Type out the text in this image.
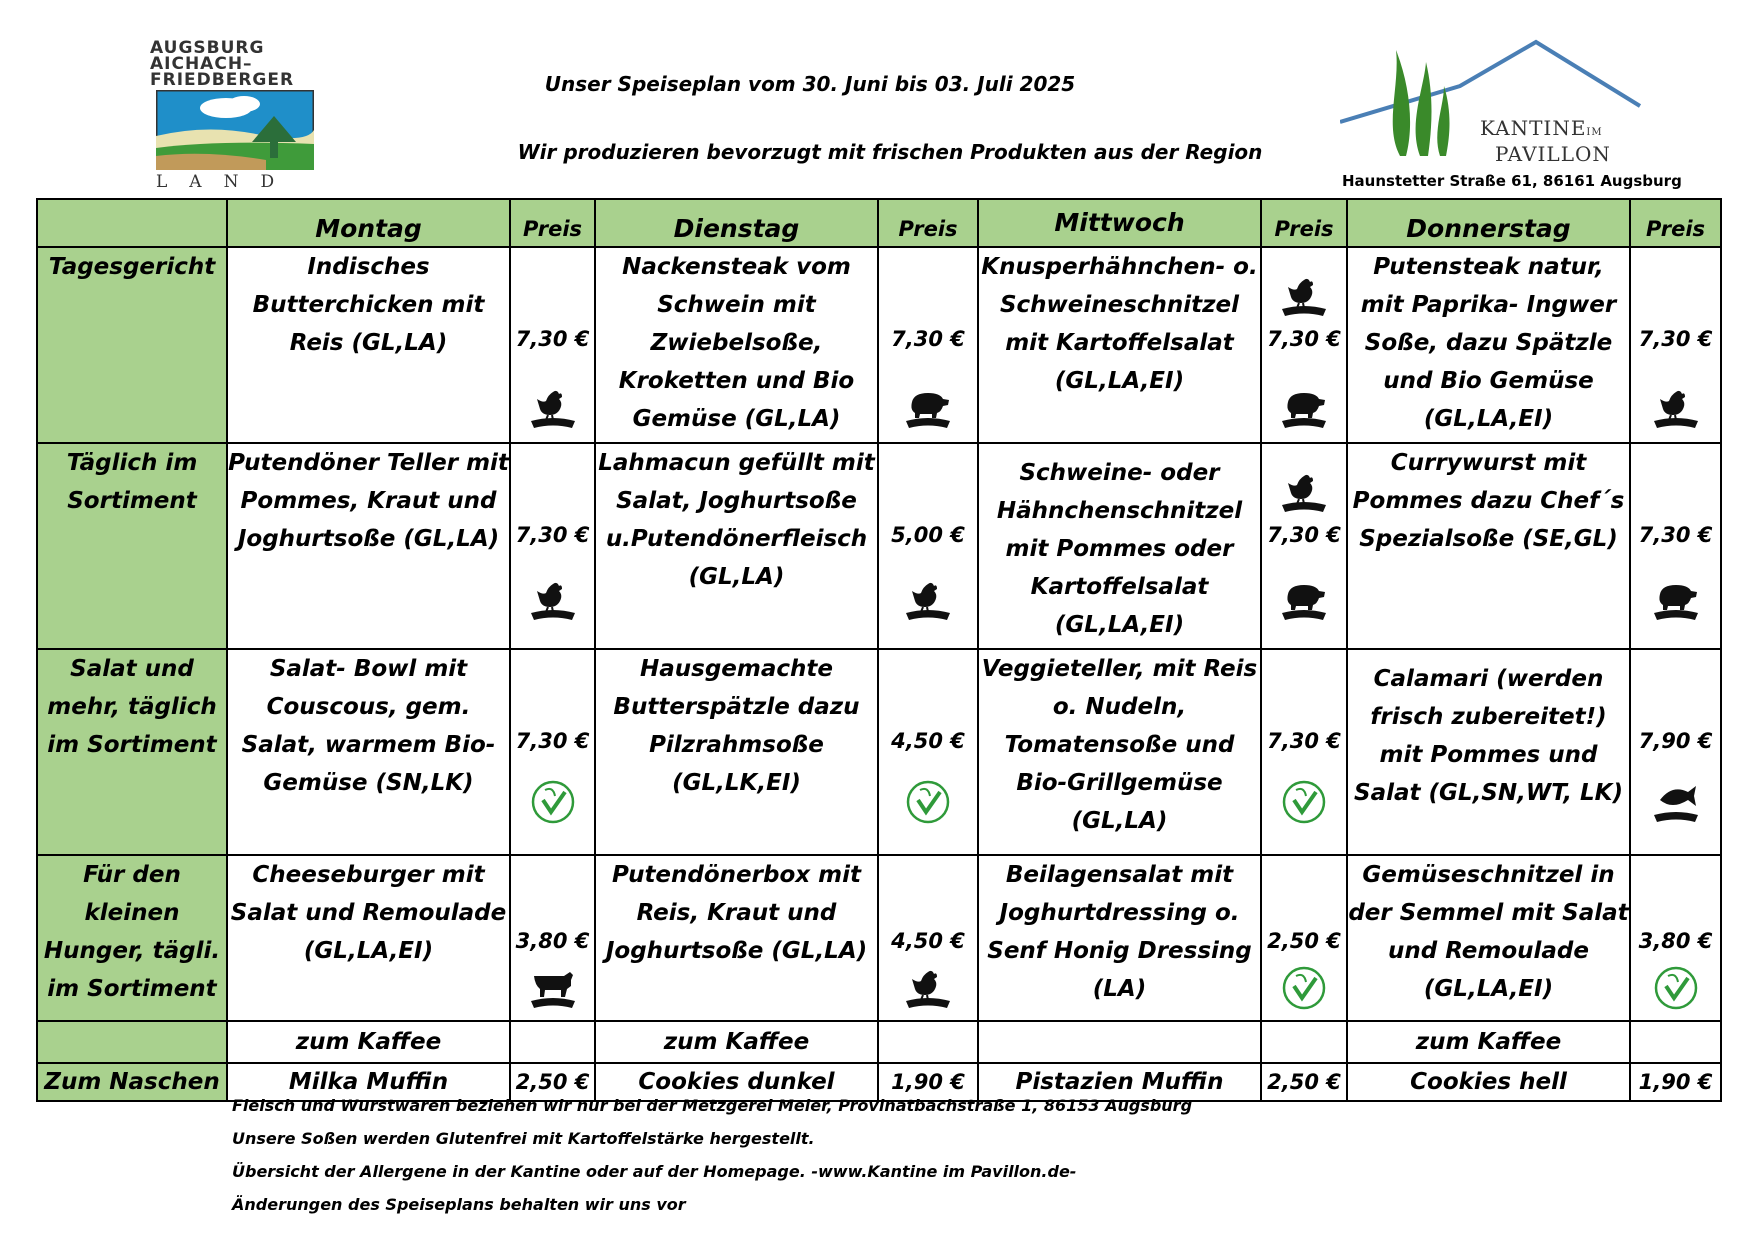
AUGSBURG
AICHACH–
FRIEDBERGER
LAND
Unser Speiseplan vom 30. Juni bis 03. Juli 2025
Wir produzieren bevorzugt mit frischen Produkten aus der Region
KANTINEIM
PAVILLON
Haunstetter Straße 61, 86161 Augsburg
	Montag	Preis	Dienstag	Preis	Mittwoch	Preis	Donnerstag	Preis
Tagesgericht	Indisches Butterchicken mit Reis (GL,LA)	7,30 €	Nackensteak vom Schwein mit Zwiebelsoße, Kroketten und Bio Gemüse (GL,LA)	7,30 €	Knusperhähnchen- o. Schweineschnitzel mit Kartoffelsalat (GL,LA,EI)	7,30 €	Putensteak natur, mit Paprika- Ingwer Soße, dazu Spätzle und Bio Gemüse (GL,LA,EI)	7,30 €

Täglich im Sortiment	Putendöner Teller mit Pommes, Kraut und Joghurtsoße (GL,LA)	7,30 €	Lahmacun gefüllt mit Salat, Joghurtsoße u.Putendönerfleisch (GL,LA)	5,00 €	Schweine- oder Hähnchenschnitzel mit Pommes oder Kartoffelsalat (GL,LA,EI)	7,30 €	Currywurst mit Pommes dazu Chef´s Spezialsoße (SE,GL)	7,30 €

Salat und mehr, täglich im Sortiment	Salat- Bowl mit Couscous, gem. Salat, warmem Bio-Gemüse (SN,LK)	7,30 €	Hausgemachte Butterspätzle dazu Pilzrahmsoße (GL,LK,EI)	4,50 €	Veggieteller, mit Reis o. Nudeln, Tomatensoße und Bio-Grillgemüse (GL,LA)	7,30 €	Calamari (werden frisch zubereitet!) mit Pommes und Salat (GL,SN,WT, LK)	7,90 €

Für den kleinen Hunger, tägli. im Sortiment	Cheeseburger mit Salat und Remoulade (GL,LA,EI)	3,80 €	Putendönerbox mit Reis, Kraut und Joghurtsoße (GL,LA)	4,50 €	Beilagensalat mit Joghurtdressing o. Senf Honig Dressing (LA)	2,50 €	Gemüseschnitzel in der Semmel mit Salat und Remoulade (GL,LA,EI)	3,80 €

	zum Kaffee		zum Kaffee				zum Kaffee	
Zum Naschen	Milka Muffin	2,50 €	Cookies dunkel	1,90 €	Pistazien Muffin	2,50 €	Cookies hell	1,90 €
Fleisch und Wurstwaren beziehen wir nur bei der Metzgerei Meier, Provinatbachstraße 1, 86153 Augsburg
Unsere Soßen werden Glutenfrei mit Kartoffelstärke hergestellt.
Übersicht der Allergene in der Kantine oder auf der Homepage. -www.Kantine im Pavillon.de-
Änderungen des Speiseplans behalten wir uns vor
